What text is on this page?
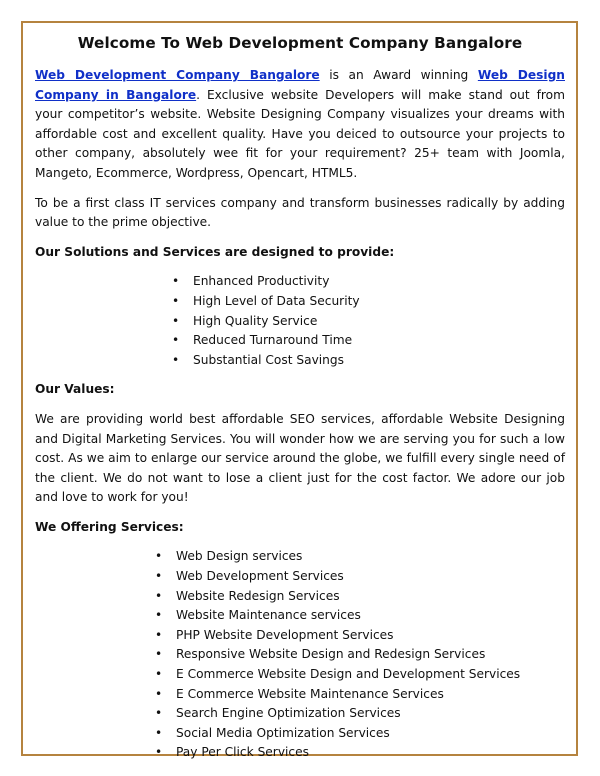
Welcome To Web Development Company Bangalore

Web Development Company Bangalore is an Award winning Web Design Company in Bangalore. Exclusive website Developers will make stand out from your competitor’s website. Website Designing Company visualizes your dreams with affordable cost and excellent quality. Have you deiced to outsource your projects to other company, absolutely wee fit for your requirement? 25+ team with Joomla, Mangeto, Ecommerce, Wordpress, Opencart, HTML5.

To be a first class IT services company and transform businesses radically by adding value to the prime objective.

Our Solutions and Services are designed to provide:

• Enhanced Productivity
• High Level of Data Security
• High Quality Service
• Reduced Turnaround Time
• Substantial Cost Savings

Our Values:

We are providing world best affordable SEO services, affordable Website Designing and Digital Marketing Services. You will wonder how we are serving you for such a low cost. As we aim to enlarge our service around the globe, we fulfill every single need of the client. We do not want to lose a client just for the cost factor. We adore our job and love to work for you!

We Offering Services:

• Web Design services
• Web Development Services
• Website Redesign Services
• Website Maintenance services
• PHP Website Development Services
• Responsive Website Design and Redesign Services
• E Commerce Website Design and Development Services
• E Commerce Website Maintenance Services
• Search Engine Optimization Services
• Social Media Optimization Services
• Pay Per Click Services
